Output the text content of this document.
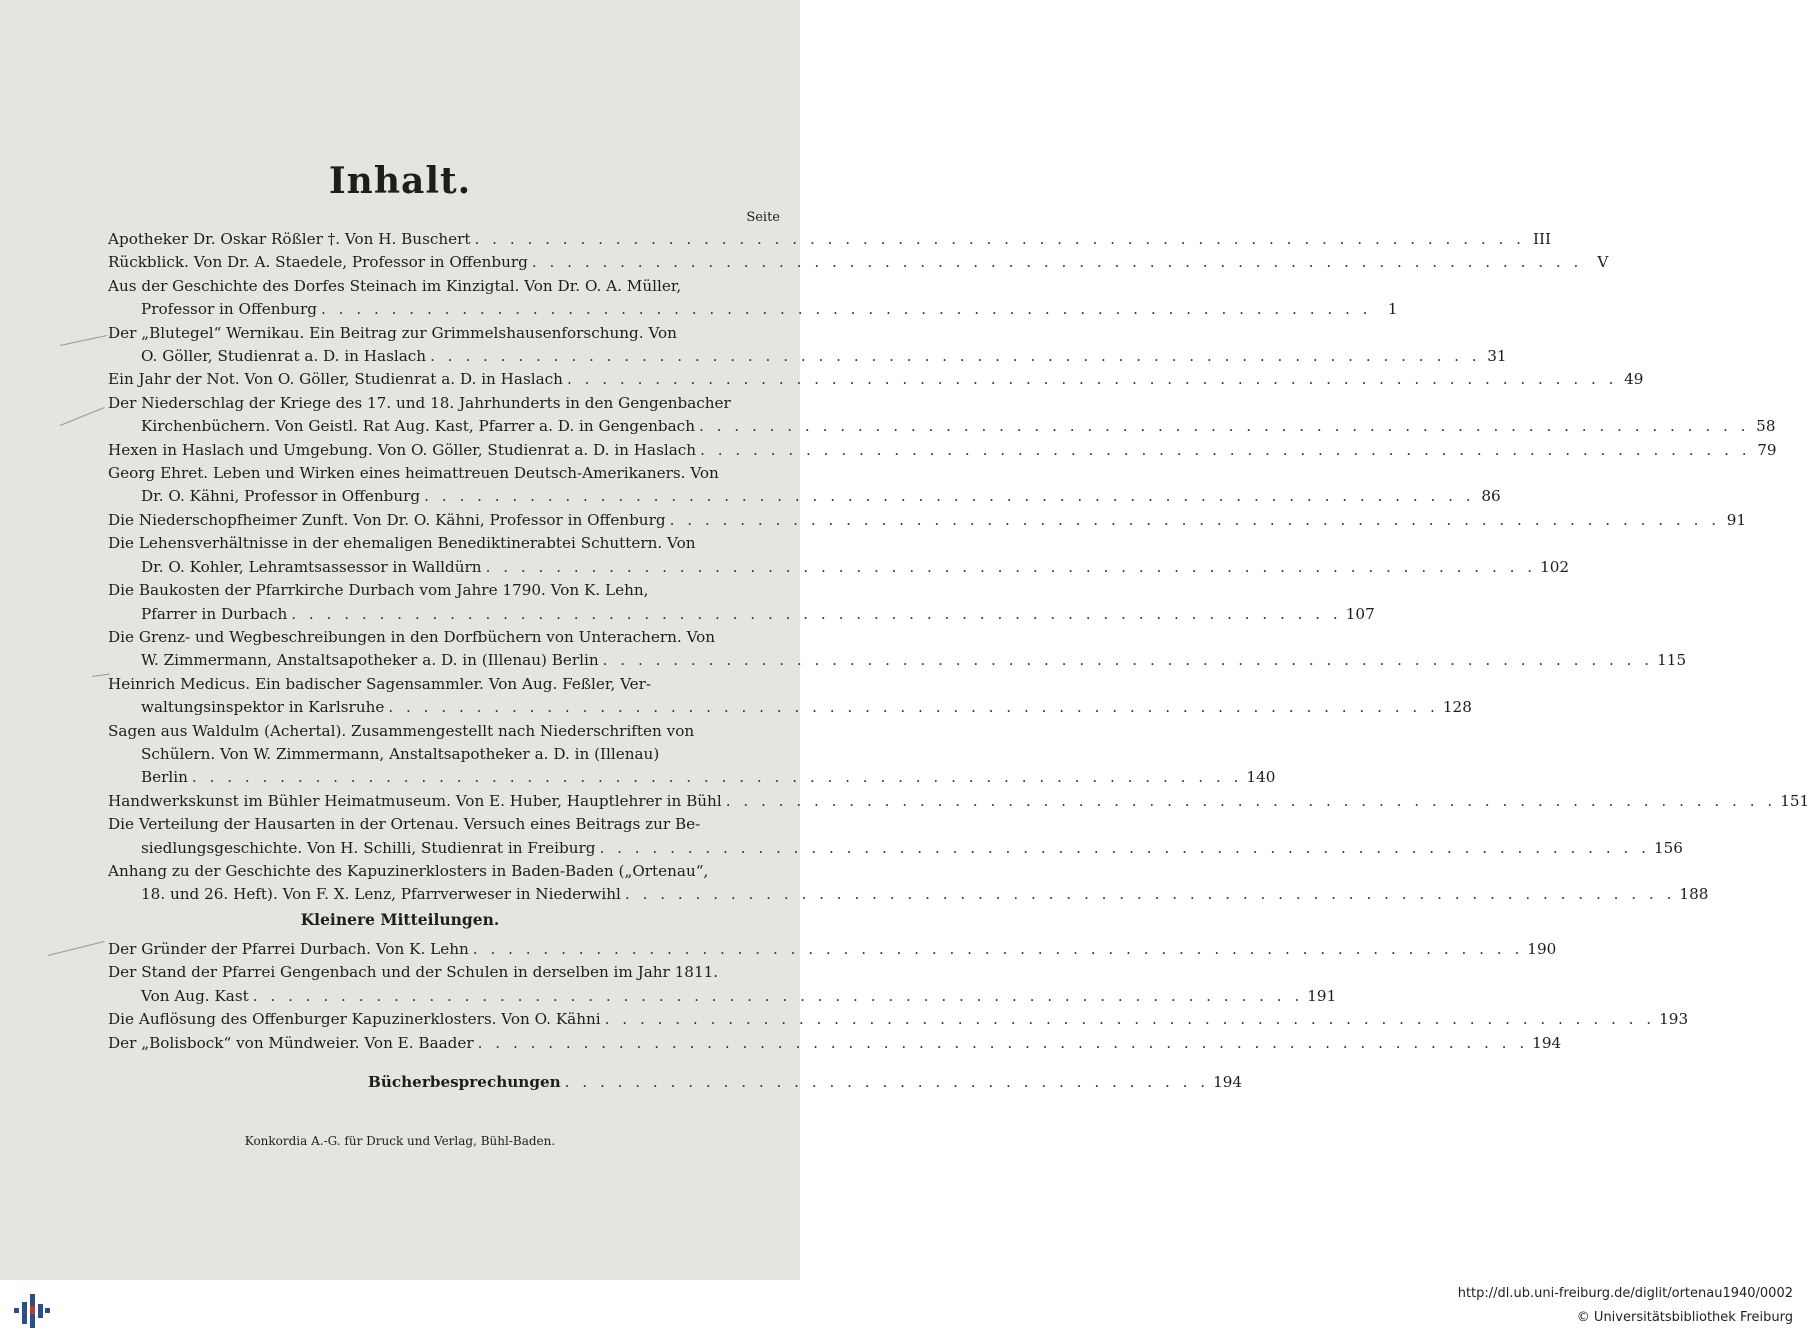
Inhalt.
Seite
Apotheker Dr. Oskar Rößler †. Von H. Buschert . . . . . . . . . . . . . . . . . . . . . . . . . . . . . . . . . . . . . . . . . . . . . . . . . . . . . . . . . . . . III
Rückblick. Von Dr. A. Staedele, Professor in Offenburg . . . . . . . . . . . . . . . . . . . . . . . . . . . . . . . . . . . . . . . . . . . . . . . . . . . . . . . . . . . . V
Aus der Geschichte des Dorfes Steinach im Kinzigtal. Von Dr. O. A. Müller,
Professor in Offenburg . . . . . . . . . . . . . . . . . . . . . . . . . . . . . . . . . . . . . . . . . . . . . . . . . . . . . . . . . . . .	1
Der „Blutegel“ Wernikau. Ein Beitrag zur Grimmelshausenforschung. Von
O. Göller, Studienrat a. D. in Haslach . . . . . . . . . . . . . . . . . . . . . . . . . . . . . . . . . . . . . . . . . . . . . . . . . . . . . . . . . . . . 31
Ein Jahr der Not. Von O. Göller, Studienrat a. D. in Haslach . . . . . . . . . . . . . . . . . . . . . . . . . . . . . . . . . . . . . . . . . . . . . . . . . . . . . . . . . . . . 49
Der Niederschlag der Kriege des 17. und 18. Jahrhunderts in den Gengenbacher
Kirchenbüchern. Von Geistl. Rat Aug. Kast, Pfarrer a. D. in Gengenbach . . . . . . . . . . . . . . . . . . . . . . . . . . . . . . . . . . . . . . . . . . . . . . . . . . . . . . . . . . . . 58
Hexen in Haslach und Umgebung. Von O. Göller, Studienrat a. D. in Haslach . . . . . . . . . . . . . . . . . . . . . . . . . . . . . . . . . . . . . . . . . . . . . . . . . . . . . . . . . . . . 79
Georg Ehret. Leben und Wirken eines heimattreuen Deutsch-Amerikaners. Von
Dr. O. Kähni, Professor in Offenburg . . . . . . . . . . . . . . . . . . . . . . . . . . . . . . . . . . . . . . . . . . . . . . . . . . . . . . . . . . . . 86
Die Niederschopfheimer Zunft. Von Dr. O. Kähni, Professor in Offenburg . . . . . . . . . . . . . . . . . . . . . . . . . . . . . . . . . . . . . . . . . . . . . . . . . . . . . . . . . . . . 91
Die Lehensverhältnisse in der ehemaligen Benediktinerabtei Schuttern. Von
Dr. O. Kohler, Lehramtsassessor in Walldürn . . . . . . . . . . . . . . . . . . . . . . . . . . . . . . . . . . . . . . . . . . . . . . . . . . . . . . . . . . . . 102
Die Baukosten der Pfarrkirche Durbach vom Jahre 1790. Von K. Lehn,
Pfarrer in Durbach . . . . . . . . . . . . . . . . . . . . . . . . . . . . . . . . . . . . . . . . . . . . . . . . . . . . . . . . . . . . 107
Die Grenz- und Wegbeschreibungen in den Dorfbüchern von Unterachern. Von
W. Zimmermann, Anstaltsapotheker a. D. in (Illenau) Berlin . . . . . . . . . . . . . . . . . . . . . . . . . . . . . . . . . . . . . . . . . . . . . . . . . . . . . . . . . . . . 115
Heinrich Medicus. Ein badischer Sagensammler. Von Aug. Feßler, Ver-
waltungsinspektor in Karlsruhe . . . . . . . . . . . . . . . . . . . . . . . . . . . . . . . . . . . . . . . . . . . . . . . . . . . . . . . . . . . . 128
Sagen aus Waldulm (Achertal). Zusammengestellt nach Niederschriften von
Schülern. Von W. Zimmermann, Anstaltsapotheker a. D. in (Illenau)
Berlin . . . . . . . . . . . . . . . . . . . . . . . . . . . . . . . . . . . . . . . . . . . . . . . . . . . . . . . . . . . . 140
Handwerkskunst im Bühler Heimatmuseum. Von E. Huber, Hauptlehrer in Bühl . . . . . . . . . . . . . . . . . . . . . . . . . . . . . . . . . . . . . . . . . . . . . . . . . . . . . . . . . . . . 151
Die Verteilung der Hausarten in der Ortenau. Versuch eines Beitrags zur Be-
siedlungsgeschichte. Von H. Schilli, Studienrat in Freiburg . . . . . . . . . . . . . . . . . . . . . . . . . . . . . . . . . . . . . . . . . . . . . . . . . . . . . . . . . . . . 156
Anhang zu der Geschichte des Kapuzinerklosters in Baden-Baden („Ortenau“,
18. und 26. Heft). Von F. X. Lenz, Pfarrverweser in Niederwihl . . . . . . . . . . . . . . . . . . . . . . . . . . . . . . . . . . . . . . . . . . . . . . . . . . . . . . . . . . . . 188
Kleinere Mitteilungen.
Der Gründer der Pfarrei Durbach. Von K. Lehn . . . . . . . . . . . . . . . . . . . . . . . . . . . . . . . . . . . . . . . . . . . . . . . . . . . . . . . . . . . . 190
Der Stand der Pfarrei Gengenbach und der Schulen in derselben im Jahr 1811.
Von Aug. Kast . . . . . . . . . . . . . . . . . . . . . . . . . . . . . . . . . . . . . . . . . . . . . . . . . . . . . . . . . . . . 191
Die Auflösung des Offenburger Kapuzinerklosters. Von O. Kähni . . . . . . . . . . . . . . . . . . . . . . . . . . . . . . . . . . . . . . . . . . . . . . . . . . . . . . . . . . . . 193
Der „Bolisbock“ von Mündweier. Von E. Baader . . . . . . . . . . . . . . . . . . . . . . . . . . . . . . . . . . . . . . . . . . . . . . . . . . . . . . . . . . . . 194
Bücherbesprechungen . . . . . . . . . . . . . . . . . . . . . . . . . . . . . . . . . . . . . 194
Konkordia A.-G. für Druck und Verlag, Bühl-Baden.
http://dl.ub.uni-freiburg.de/diglit/ortenau1940/0002
© Universitätsbibliothek Freiburg
